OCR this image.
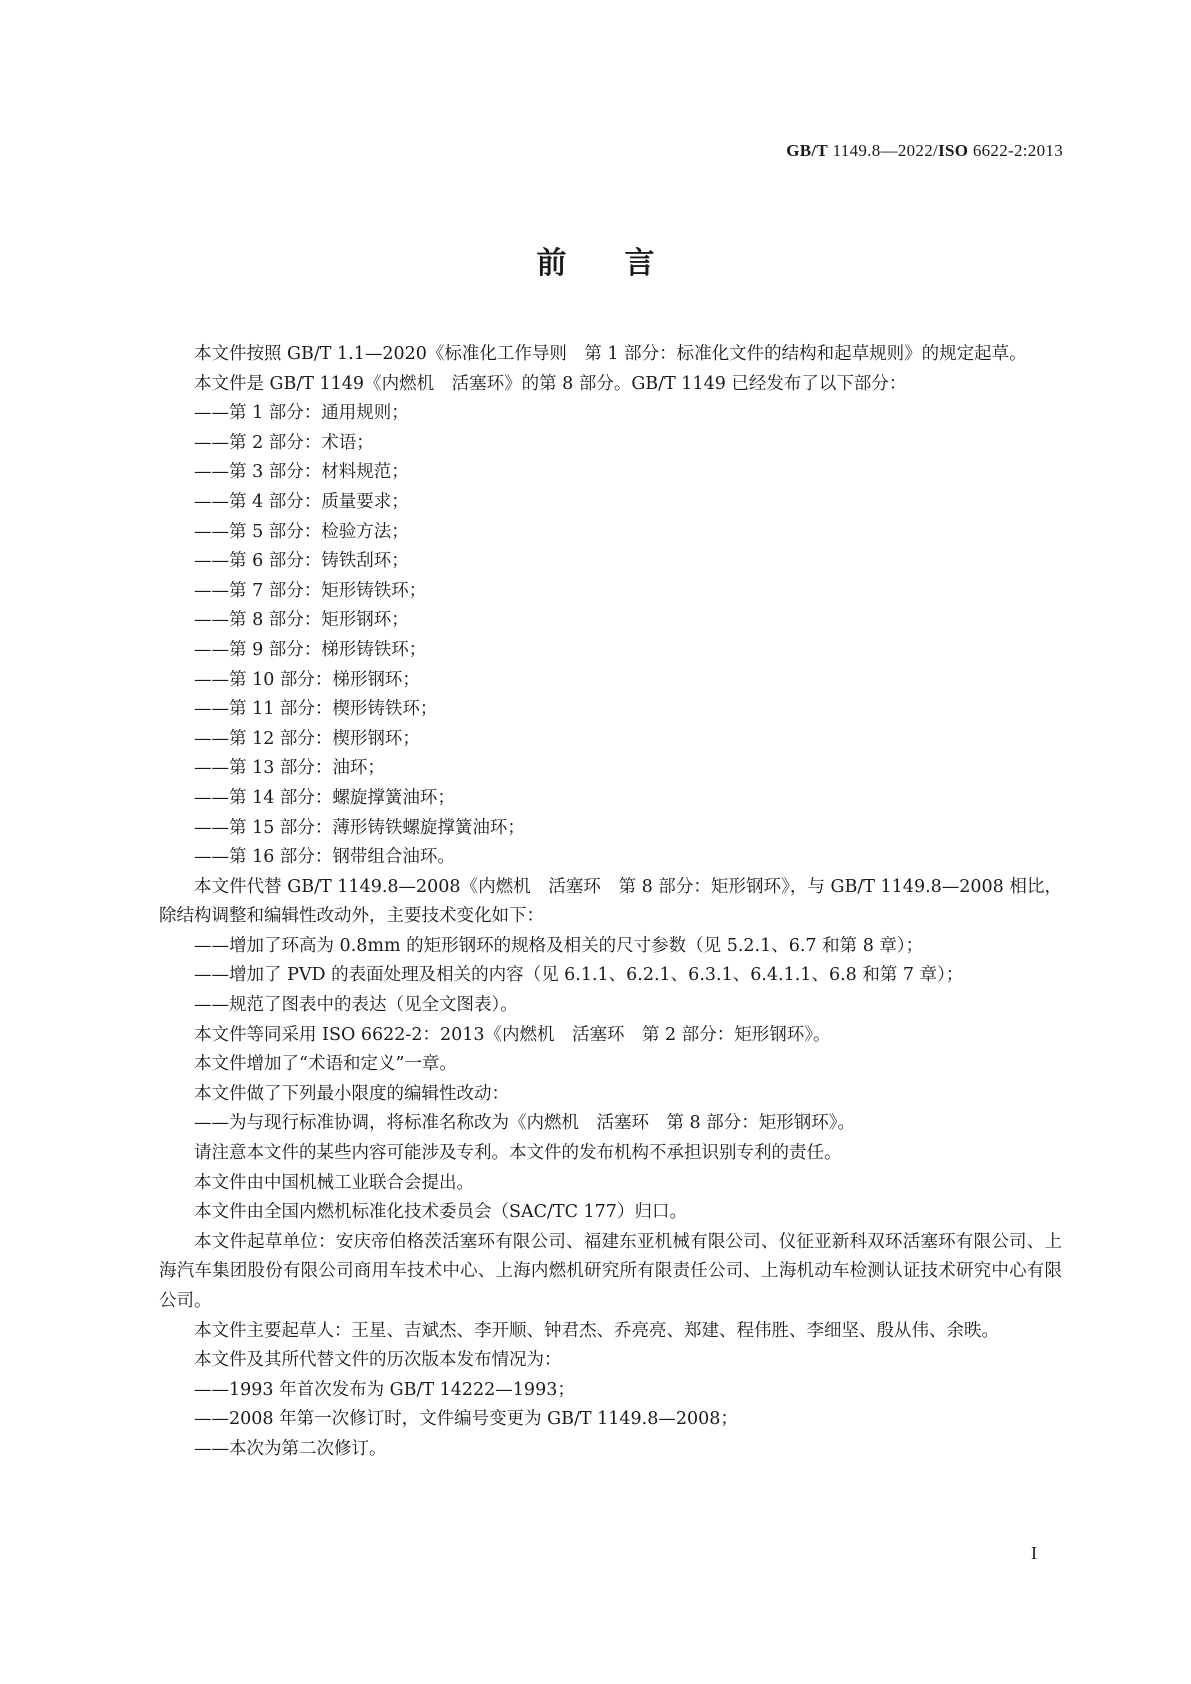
GB/T 1149.8—2022/ISO 6622-2:2013
前言

本文件按照 GB/T 1.1—2020《标准化工作导则　第 1 部分：标准化文件的结构和起草规则》的规定起草。

本文件是 GB/T 1149《内燃机　活塞环》的第 8 部分。GB/T 1149 已经发布了以下部分：

——第 1 部分：通用规则；

——第 2 部分：术语；

——第 3 部分：材料规范；

——第 4 部分：质量要求；

——第 5 部分：检验方法；

——第 6 部分：铸铁刮环；

——第 7 部分：矩形铸铁环；

——第 8 部分：矩形钢环；

——第 9 部分：梯形铸铁环；

——第 10 部分：梯形钢环；

——第 11 部分：楔形铸铁环；

——第 12 部分：楔形钢环；

——第 13 部分：油环；

——第 14 部分：螺旋撑簧油环；

——第 15 部分：薄形铸铁螺旋撑簧油环；

——第 16 部分：钢带组合油环。

本文件代替 GB/T 1149.8—2008《内燃机　活塞环　第 8 部分：矩形钢环》，与 GB/T 1149.8—2008 相比，除结构调整和编辑性改动外，主要技术变化如下：

——增加了环高为 0.8mm 的矩形钢环的规格及相关的尺寸参数（见 5.2.1、6.7 和第 8 章）；

——增加了 PVD 的表面处理及相关的内容（见 6.1.1、6.2.1、6.3.1、6.4.1.1、6.8 和第 7 章）；

——规范了图表中的表达（见全文图表）。

本文件等同采用 ISO 6622-2：2013《内燃机　活塞环　第 2 部分：矩形钢环》。

本文件增加了“术语和定义”一章。

本文件做了下列最小限度的编辑性改动：

——为与现行标准协调，将标准名称改为《内燃机　活塞环　第 8 部分：矩形钢环》。

请注意本文件的某些内容可能涉及专利。本文件的发布机构不承担识别专利的责任。

本文件由中国机械工业联合会提出。

本文件由全国内燃机标准化技术委员会（SAC/TC 177）归口。

本文件起草单位：安庆帝伯格茨活塞环有限公司、福建东亚机械有限公司、仪征亚新科双环活塞环有限公司、上海汽车集团股份有限公司商用车技术中心、上海内燃机研究所有限责任公司、上海机动车检测认证技术研究中心有限公司。

本文件主要起草人：王星、吉斌杰、李开顺、钟君杰、乔亮亮、郑建、程伟胜、李细坚、殷从伟、余昳。

本文件及其所代替文件的历次版本发布情况为：

——1993 年首次发布为 GB/T 14222—1993；

——2008 年第一次修订时，文件编号变更为 GB/T 1149.8—2008；

——本次为第二次修订。

I
